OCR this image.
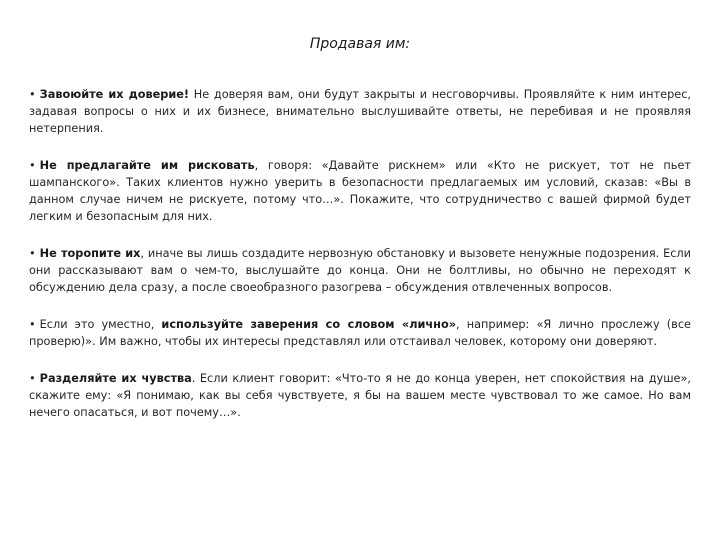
Продавая им:

• Завоюйте их доверие! Не доверяя вам, они будут закрыты и несговорчивы. Проявляйте к ним интерес, задавая вопросы о них и их бизнесе, внимательно выслушивайте ответы, не перебивая и не проявляя нетерпения.

• Не предлагайте им рисковать, говоря: «Давайте рискнем» или «Кто не рискует, тот не пьет шампанского». Таких клиентов нужно уверить в безопасности предлагаемых им условий, сказав: «Вы в данном случае ничем не рискуете, потому что…». Покажите, что сотрудничество с вашей фирмой будет легким и безопасным для них.

• Не торопите их, иначе вы лишь создадите нервозную обстановку и вызовете ненужные подозрения. Если они рассказывают вам о чем-то, выслушайте до конца. Они не болтливы, но обычно не переходят к обсуждению дела сразу, а после своеобразного разогрева – обсуждения отвлеченных вопросов.

• Если это уместно, используйте заверения со словом «лично», например: «Я лично прослежу (все проверю)». Им важно, чтобы их интересы представлял или отстаивал человек, которому они доверяют.

• Разделяйте их чувства. Если клиент говорит: «Что-то я не до конца уверен, нет спокойствия на душе», скажите ему: «Я понимаю, как вы себя чувствуете, я бы на вашем месте чувствовал то же самое. Но вам нечего опасаться, и вот почему…».
